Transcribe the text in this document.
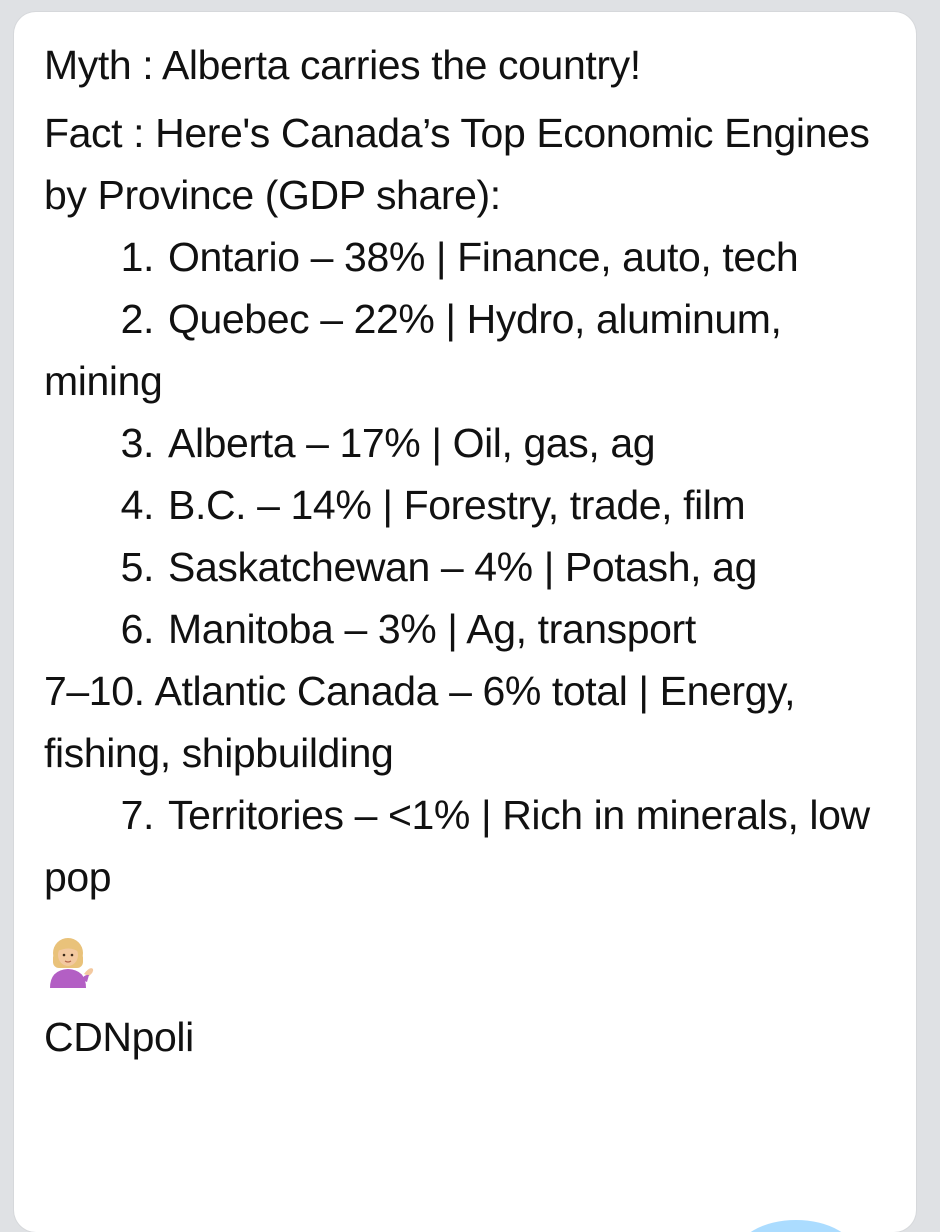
Myth : Alberta carries the country!

Fact : Here's Canada’s Top Economic Engines by Province (GDP share):

1. Ontario – 38% | Finance, auto, tech
2. Quebec – 22% | Hydro, aluminum, mining
3. Alberta – 17% | Oil, gas, ag
4. B.C. – 14% | Forestry, trade, film
5. Saskatchewan – 4% | Potash, ag
6. Manitoba – 3% | Ag, transport
7–10. Atlantic Canada – 6% total | Energy, fishing, shipbuilding
7. Territories – <1% | Rich in minerals, low pop

CDNpoli
